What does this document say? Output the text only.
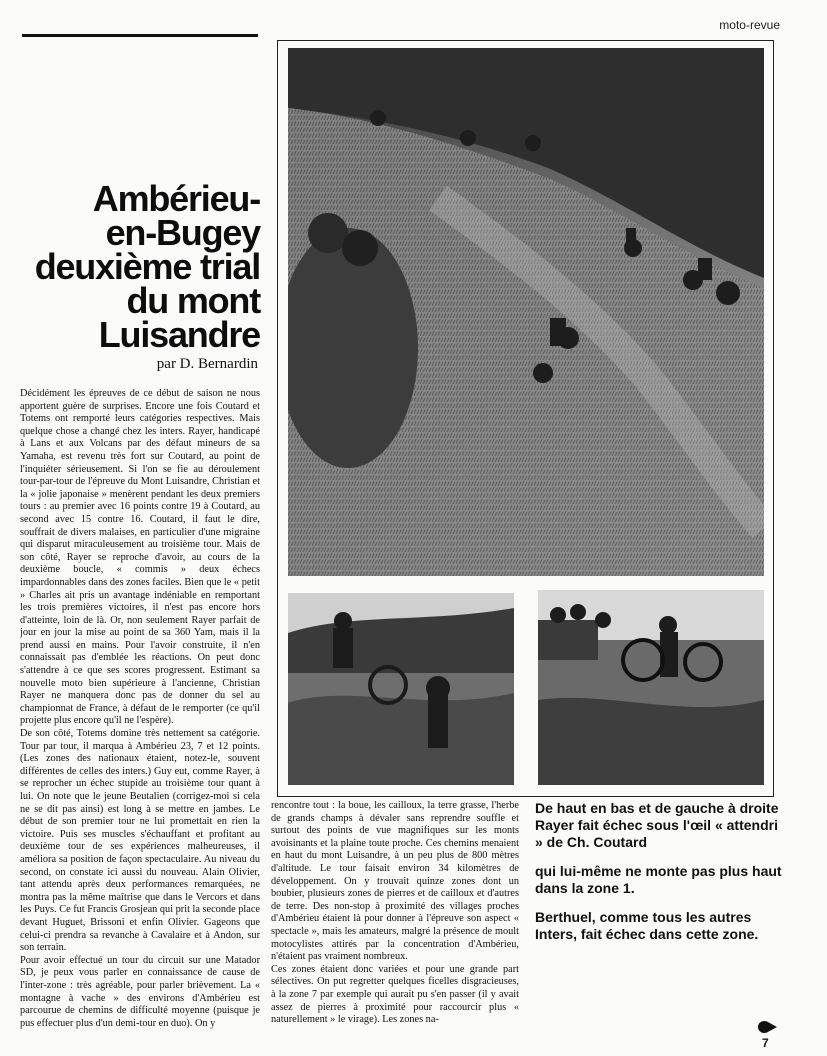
moto-revue
Ambérieu-
en-Bugey
deuxième trial
du mont
Luisandre
par D. Bernardin

Décidément les épreuves de ce début de saison ne nous apportent guère de surprises. Encore une fois Coutard et Totems ont remporté leurs catégories respectives. Mais quelque chose a changé chez les inters. Rayer, handicapé à Lans et aux Volcans par des défaut mineurs de sa Yamaha, est revenu très fort sur Coutard, au point de l'inquiéter sérieusement. Si l'on se fie au déroulement tour-par-tour de l'épreuve du Mont Luisandre, Christian et la « jolie japonaise » menèrent pendant les deux premiers tours : au premier avec 16 points contre 19 à Coutard, au second avec 15 contre 16. Coutard, il faut le dire, souffrait de divers malaises, en particulier d'une migraine qui disparut miraculeusement au troisième tour. Mais de son côté, Rayer se reproche d'avoir, au cours de la deuxième boucle, « commis » deux échecs impardonnables dans des zones faciles. Bien que le « petit » Charles ait pris un avantage indéniable en remportant les trois premières victoires, il n'est pas encore hors d'atteinte, loin de là. Or, non seulement Rayer parfait de jour en jour la mise au point de sa 360 Yam, mais il la prend aussi en mains. Pour l'avoir construite, il n'en connaissait pas d'emblée les réactions. On peut donc s'attendre à ce que ses scores progressent. Estimant sa nouvelle moto bien supérieure à l'ancienne, Christian Rayer ne manquera donc pas de donner du sel au championnat de France, à défaut de le remporter (ce qu'il projette plus encore qu'il ne l'espère).

De son côté, Totems domine très nettement sa catégorie. Tour par tour, il marqua à Ambérieu 23, 7 et 12 points. (Les zones des nationaux étaient, notez-le, souvent différentes de celles des inters.) Guy eut, comme Rayer, à se reprocher un échec stupide au troisième tour quant à lui. On note que le jeune Beutalien (corrigez-moi si cela ne se dit pas ainsi) est long à se mettre en jambes. Le début de son premier tour ne lui promettait en rien la victoire. Puis ses muscles s'échauffant et profitant au deuxième tour de ses expériences malheureuses, il améliora sa position de façon spectaculaire. Au niveau du second, on constate ici aussi du nouveau. Alain Olivier, tant attendu après deux performances remarquées, ne montra pas la même maîtrise que dans le Vercors et dans les Puys. Ce fut Francis Grosjean qui prit la seconde place devant Huguet, Brissoni et enfin Olivier. Gageons que celui-ci prendra sa revanche à Cavalaire et à Andon, sur son terrain.

Pour avoir effectué un tour du circuit sur une Matador SD, je peux vous parler en connaissance de cause de l'inter-zone : très agréable, pour parler brièvement. La « montagne à vache » des environs d'Ambérieu est parcourue de chemins de difficulté moyenne (puisque je pus effectuer plus d'un demi-tour en duo). On y

rencontre tout : la boue, les cailloux, la terre grasse, l'herbe de grands champs à dévaler sans reprendre souffle et surtout des points de vue magnifiques sur les monts avoisinants et la plaine toute proche. Ces chemins menaient en haut du mont Luisandre, à un peu plus de 800 mètres d'altitude. Le tour faisait environ 34 kilomètres de développement. On y trouvait quinze zones dont un boubier, plusieurs zones de pierres et de cailloux et d'autres de terre. Des non-stop à proximité des villages proches d'Ambérieu étaient là pour donner à l'épreuve son aspect « spectacle », mais les amateurs, malgré la présence de moult motocylistes attirés par la concentration d'Ambérieu, n'étaient pas vraiment nombreux.

Ces zones étaient donc variées et pour une grande part sélectives. On put regretter quelques ficelles disgracieuses, à la zone 7 par exemple qui aurait pu s'en passer (il y avait assez de pierres à proximité pour raccourcir plus « naturellement » le virage). Les zones na-

De haut en bas et de gauche à droite Rayer fait échec sous l'œil « attendri » de Ch. Coutard

qui lui-même ne monte pas plus haut dans la zone 1.

Berthuel, comme tous les autres Inters, fait échec dans cette zone.

7
